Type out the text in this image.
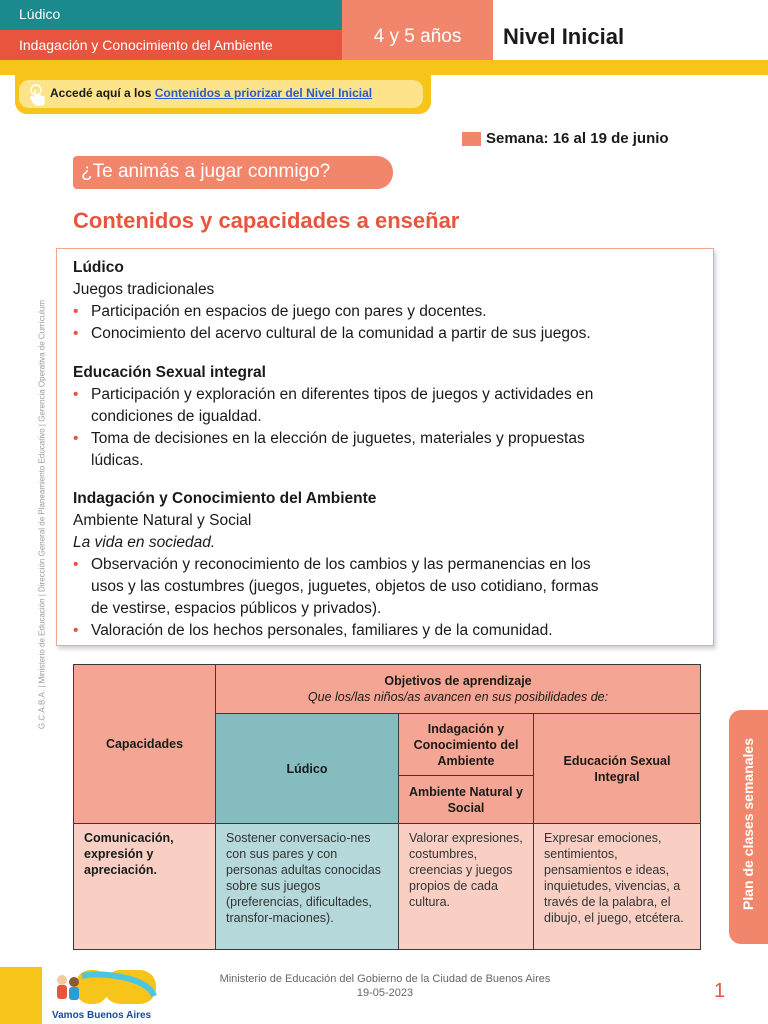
Lúdico
Indagación y Conocimiento del Ambiente	4 y 5 años	Nivel Inicial
Accedé aquí a los Contenidos a priorizar del Nivel Inicial
Semana: 16 al 19 de junio
¿Te animás a jugar conmigo?
Contenidos y capacidades a enseñar
G.C.A.B.A. | Ministerio de Educación | Dirección General de Planeamiento Educativo | Gerencia Operativa de Currículum
Lúdico
Juegos tradicionales
• Participación en espacios de juego con pares y docentes.
• Conocimiento del acervo cultural de la comunidad a partir de sus juegos.
Educación Sexual integral
• Participación y exploración en diferentes tipos de juegos y actividades en
condiciones de igualdad.
• Toma de decisiones en la elección de juguetes, materiales y propuestas
lúdicas.
Indagación y Conocimiento del Ambiente
Ambiente Natural y Social
La vida en sociedad.
• Observación y reconocimiento de los cambios y las permanencias en los
usos y las costumbres (juegos, juguetes, objetos de uso cotidiano, formas
de vestirse, espacios públicos y privados).
• Valoración de los hechos personales, familiares y de la comunidad.
Capacidades	Objetivos de aprendizaje
Que los/las niños/as avancen en sus posibilidades de:		

	Lúdico	Indagación y Conocimiento del Ambiente	Educación Sexual Integral
		Ambiente Natural y Social	
Comunicación, expresión y apreciación.	Sostener conversacio-nes con sus pares y con personas adultas conocidas sobre sus juegos (preferencias, dificultades, transfor-maciones).	Valorar expresiones, costumbres, creencias y juegos propios de cada cultura.	Expresar emociones, sentimientos, pensamientos e ideas, inquietudes, vivencias, a través de la palabra, el dibujo, el juego, etcétera.
Plan de clases semanales
Vamos Buenos Aires
Ministerio de Educación del Gobierno de la Ciudad de Buenos Aires
19-05-2023	1
